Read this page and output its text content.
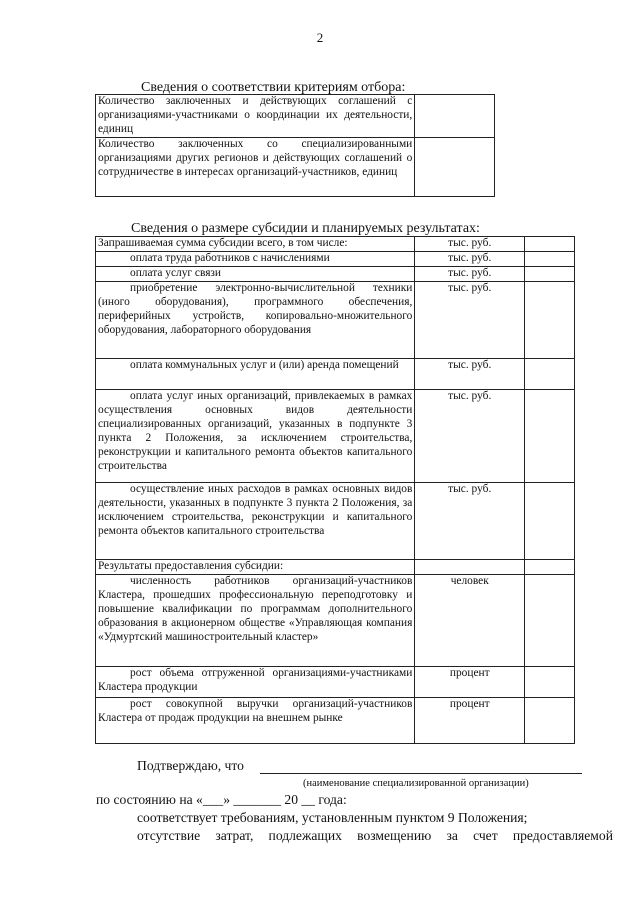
2
Сведения о соответствии критериям отбора:
Количество заключенных и действующих соглашений с организациями-участниками о координации их деятельности, единиц	
Количество заключенных со специализированными организациями других регионов и действующих соглашений о сотрудничестве в интересах организаций-участников, единиц	
Сведения о размере субсидии и планируемых результатах:
Запрашиваемая сумма субсидии всего, в том числе:	тыс. руб.	
оплата труда работников с начислениями	тыс. руб.	
оплата услуг связи	тыс. руб.	
приобретение электронно-вычислительной техники (иного оборудования), программного обеспечения, периферийных устройств, копировально-множительного оборудования, лабораторного оборудования	тыс. руб.	
оплата коммунальных услуг и (или) аренда помещений	тыс. руб.	
оплата услуг иных организаций, привлекаемых в рамках осуществления основных видов деятельности специализированных организаций, указанных в подпункте 3 пункта 2 Положения, за исключением строительства, реконструкции и капитального ремонта объектов капитального строительства	тыс. руб.	
осуществление иных расходов в рамках основных видов деятельности, указанных в подпункте 3 пункта 2 Положения, за исключением строительства, реконструкции и капитального ремонта объектов капитального строительства	тыс. руб.	
Результаты предоставления субсидии:		
численность работников организаций-участников Кластера, прошедших профессиональную переподготовку и повышение квалификации по программам дополнительного образования в акционерном обществе «Управляющая компания «Удмуртский машиностроительный кластер»	человек	
рост объема отгруженной организациями-участниками Кластера продукции	процент	
рост совокупной выручки организаций-участников Кластера от продаж продукции на внешнем рынке	процент	
Подтверждаю, что
(наименование специализированной организации)
по состоянию на «___» _______ 20 __ года:
соответствует требованиям, установленным пунктом 9 Положения;
отсутствие затрат, подлежащих возмещению за счет предоставляемой
